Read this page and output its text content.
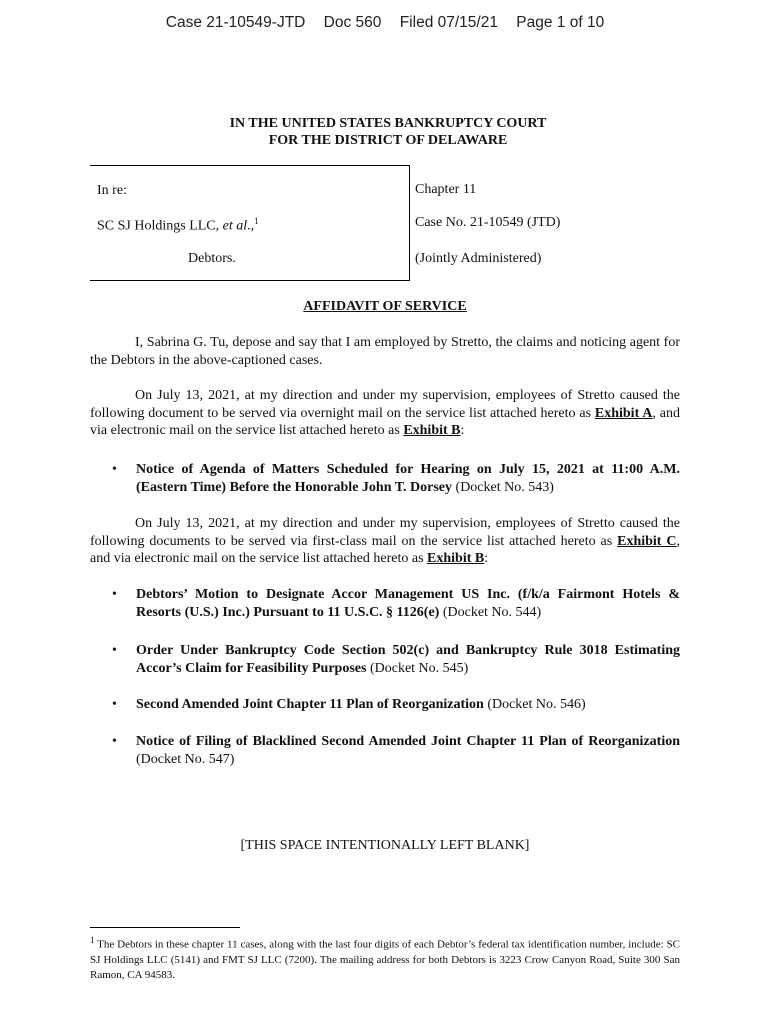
Case 21-10549-JTD Doc 560 Filed 07/15/21 Page 1 of 10
IN THE UNITED STATES BANKRUPTCY COURT
FOR THE DISTRICT OF DELAWARE
In re:
SC SJ Holdings LLC, et al.,$^1$
Debtors.
Chapter 11
Case No. 21-10549 (JTD)
(Jointly Administered)
AFFIDAVIT OF SERVICE

I, Sabrina G. Tu, depose and say that I am employed by Stretto, the claims and noticing agent for the Debtors in the above-captioned cases.

On July 13, 2021, at my direction and under my supervision, employees of Stretto caused the following document to be served via overnight mail on the service list attached hereto as Exhibit A, and via electronic mail on the service list attached hereto as Exhibit B:

• Notice of Agenda of Matters Scheduled for Hearing on July 15, 2021 at 11:00 A.M. (Eastern Time) Before the Honorable John T. Dorsey (Docket No. 543)

On July 13, 2021, at my direction and under my supervision, employees of Stretto caused the following documents to be served via first-class mail on the service list attached hereto as Exhibit C, and via electronic mail on the service list attached hereto as Exhibit B:

• Debtors’ Motion to Designate Accor Management US Inc. (f/k/a Fairmont Hotels & Resorts (U.S.) Inc.) Pursuant to 11 U.S.C. § 1126(e) (Docket No. 544)
• Order Under Bankruptcy Code Section 502(c) and Bankruptcy Rule 3018 Estimating Accor’s Claim for Feasibility Purposes (Docket No. 545)
• Second Amended Joint Chapter 11 Plan of Reorganization (Docket No. 546)
• Notice of Filing of Blacklined Second Amended Joint Chapter 11 Plan of Reorganization (Docket No. 547)
[THIS SPACE INTENTIONALLY LEFT BLANK]
$^1$ The Debtors in these chapter 11 cases, along with the last four digits of each Debtor’s federal tax identification number, include: SC SJ Holdings LLC (5141) and FMT SJ LLC (7200). The mailing address for both Debtors is 3223 Crow Canyon Road, Suite 300 San Ramon, CA 94583.
